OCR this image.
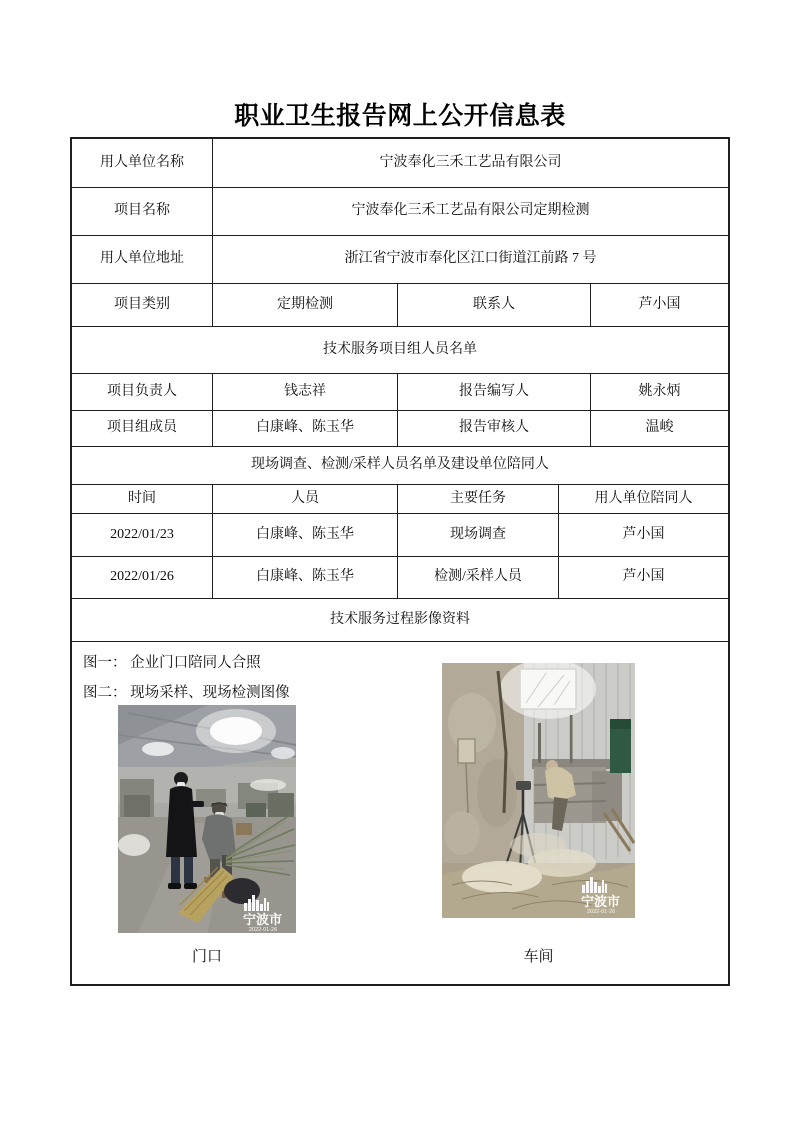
职业卫生报告网上公开信息表
用人单位名称	宁波奉化三禾工艺品有限公司
项目名称	宁波奉化三禾工艺品有限公司定期检测
用人单位地址	浙江省宁波市奉化区江口街道江前路 7 号
项目类别	定期检测	联系人	芦小国
技术服务项目组人员名单
项目负责人	钱志祥	报告编写人	姚永炳
项目组成员	白康峰、陈玉华	报告审核人	温峻
现场调查、检测/采样人员名单及建设单位陪同人
时间	人员	主要任务	用人单位陪同人
2022/01/23	白康峰、陈玉华	现场调查	芦小国
2022/01/26	白康峰、陈玉华	检测/采样人员	芦小国
技术服务过程影像资料
图一： 企业门口陪同人合照
图二： 现场采样、现场检测图像
宁波市
2022-01-26
宁波市
2022-01-26
门口	车间
